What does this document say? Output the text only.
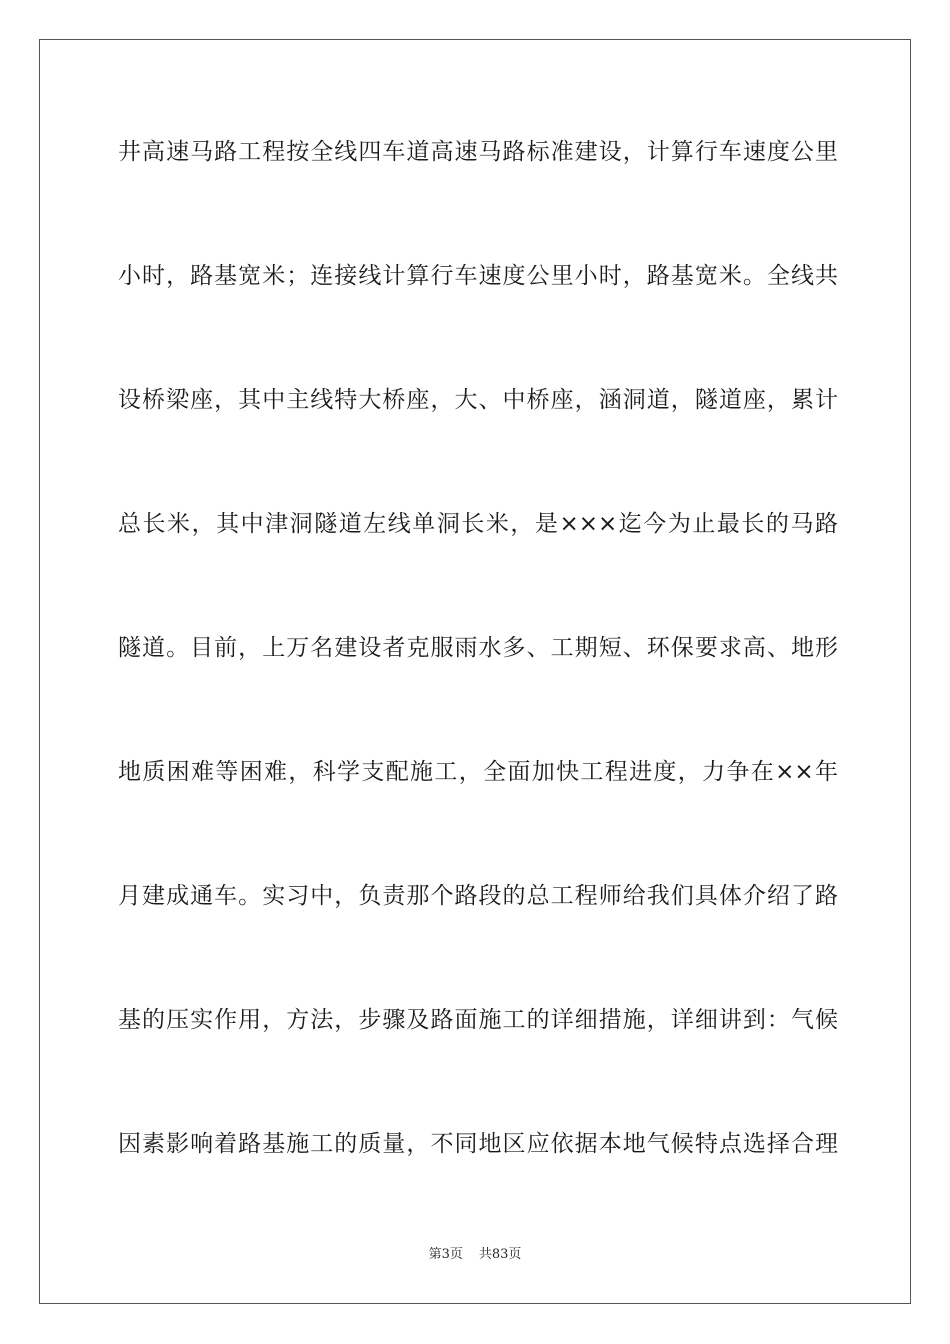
井高速马路工程按全线四车道高速马路标准建设，计算行车速度公里
小时，路基宽米；连接线计算行车速度公里小时，路基宽米。全线共
设桥梁座，其中主线特大桥座，大、中桥座，涵洞道，隧道座，累计
总长米，其中津洞隧道左线单洞长米，是×××迄今为止最长的马路
隧道。目前，上万名建设者克服雨水多、工期短、环保要求高、地形
地质困难等困难，科学支配施工，全面加快工程进度，力争在××年
月建成通车。实习中，负责那个路段的总工程师给我们具体介绍了路
基的压实作用，方法，步骤及路面施工的详细措施，详细讲到：气候
因素影响着路基施工的质量，不同地区应依据本地气候特点选择合理
第3页 共83页
